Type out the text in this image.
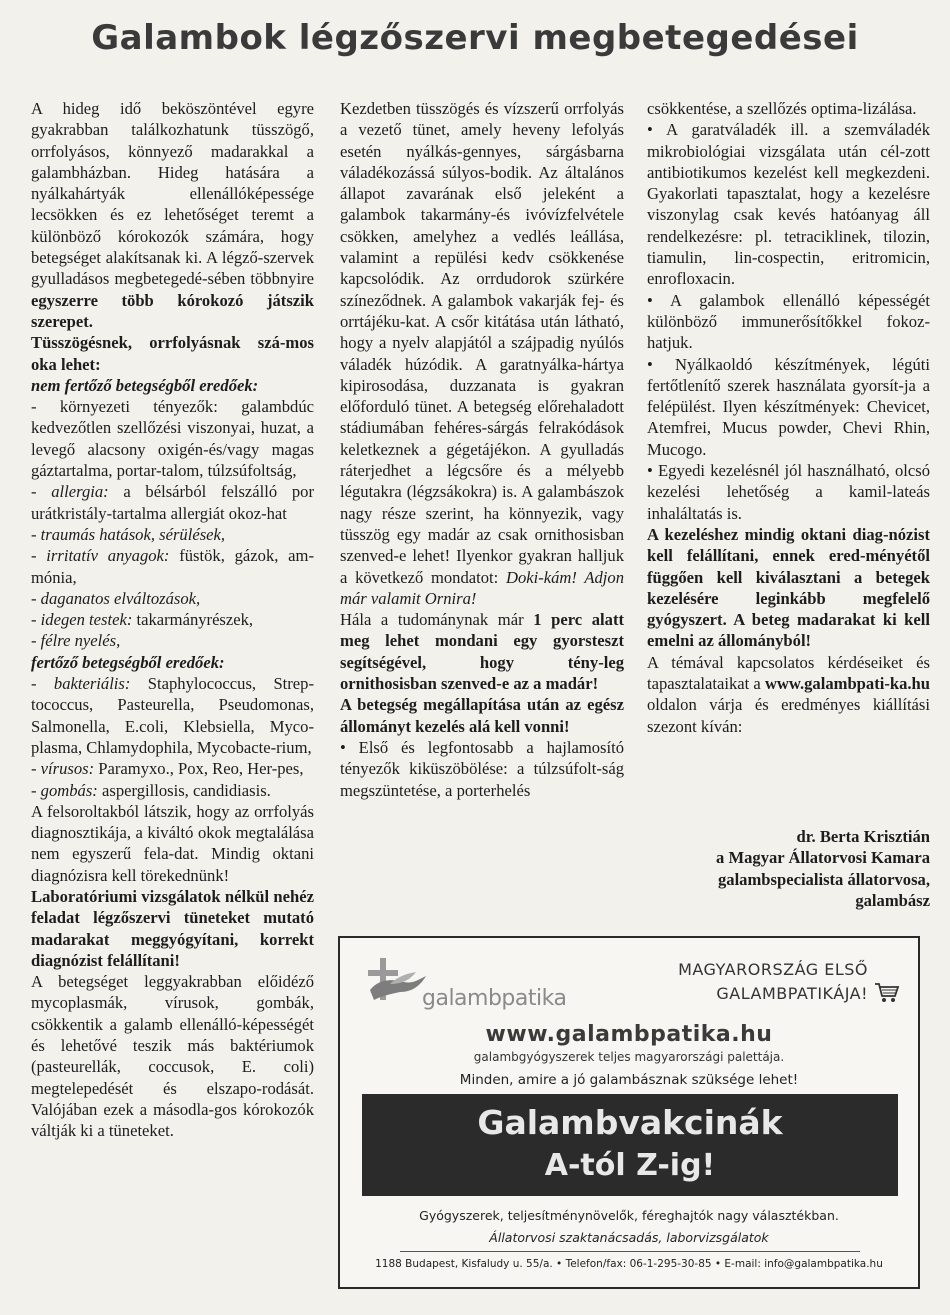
Galambok légzőszervi megbetegedései

A hideg idő beköszöntével egyre gyakrabban találkozhatunk tüsszögő, orrfolyásos, könnyező madarakkal a galambházban. Hideg hatására a nyálkahártyák ellenállóképessége lecsökken és ez lehetőséget teremt a különböző kórokozók számára, hogy betegséget alakítsanak ki. A légző-szervek gyulladásos megbetegedé-sében többnyire egyszerre több kórokozó játszik szerepet.

Tüsszögésnek, orrfolyásnak szá-mos oka lehet:

nem fertőző betegségből eredőek:

- környezeti tényezők: galambdúc kedvezőtlen szellőzési viszonyai, huzat, a levegő alacsony oxigén-és/vagy magas gáztartalma, portar-talom, túlzsúfoltság,

- allergia: a bélsárból felszálló por urátkristály-tartalma allergiát okoz-hat

- traumás hatások, sérülések,

- irritatív anyagok: füstök, gázok, am-mónia,

- daganatos elváltozások,

- idegen testek: takarmányrészek,

- félre nyelés,

fertőző betegségből eredőek:

- bakteriális: Staphylococcus, Strep-tococcus, Pasteurella, Pseudomonas, Salmonella, E.coli, Klebsiella, Myco-plasma, Chlamydophila, Mycobacte-rium,

- vírusos: Paramyxo., Pox, Reo, Her-pes,

- gombás: aspergillosis, candidiasis.

A felsoroltakból látszik, hogy az orrfolyás diagnosztikája, a kiváltó okok megtalálása nem egyszerű fela-dat. Mindig oktani diagnózisra kell törekednünk!

Laboratóriumi vizsgálatok nélkül nehéz feladat légzőszervi tüneteket mutató madarakat meggyógyítani, korrekt diagnózist felállítani!

A betegséget leggyakrabban előidéző mycoplasmák, vírusok, gombák, csökkentik a galamb ellenálló-képességét és lehetővé teszik más baktériumok (pasteurellák, coccusok, E. coli) megtelepedését és elszapo-rodását. Valójában ezek a másodla-gos kórokozók váltják ki a tüneteket.

Kezdetben tüsszögés és vízszerű orrfolyás a vezető tünet, amely heveny lefolyás esetén nyálkás-gennyes, sárgásbarna váladékozássá súlyos-bodik. Az általános állapot zavarának első jeleként a galambok takarmány-és ivóvízfelvétele csökken, amelyhez a vedlés leállása, valamint a repülési kedv csökkenése kapcsolódik. Az orrdudorok szürkére színeződnek. A galambok vakarják fej- és orrtájéku-kat. A csőr kitátása után látható, hogy a nyelv alapjától a szájpadig nyúlós váladék húzódik. A garatnyálka-hártya kipirosodása, duzzanata is gyakran előforduló tünet. A betegség előrehaladott stádiumában fehéres-sárgás felrakódások keletkeznek a gégetájékon. A gyulladás ráterjedhet a légcsőre és a mélyebb légutakra (légzsákokra) is. A galambászok nagy része szerint, ha könnyezik, vagy tüsszög egy madár az csak ornithosisban szenved-e lehet! Ilyenkor gyakran halljuk a következő mondatot: Doki-kám! Adjon már valamit Ornira!

Hála a tudománynak már 1 perc alatt meg lehet mondani egy gyorsteszt segítségével, hogy tény-leg ornithosisban szenved-e az a madár!

A betegség megállapítása után az egész állományt kezelés alá kell vonni!

• Első és legfontosabb a hajlamosító tényezők kiküszöbölése: a túlzsúfolt-ság megszüntetése, a porterhelés

csökkentése, a szellőzés optima-lizálása.

• A garatváladék ill. a szemváladék mikrobiológiai vizsgálata után cél-zott antibiotikumos kezelést kell megkezdeni. Gyakorlati tapasztalat, hogy a kezelésre viszonylag csak kevés hatóanyag áll rendelkezésre: pl. tetraciklinek, tilozin, tiamulin, lin-cospectin, eritromicin, enrofloxacin.

• A galambok ellenálló képességét különböző immunerősítőkkel fokoz-hatjuk.

• Nyálkaoldó készítmények, légúti fertőtlenítő szerek használata gyorsít-ja a felépülést. Ilyen készítmények: Chevicet, Atemfrei, Mucus powder, Chevi Rhin, Mucogo.

• Egyedi kezelésnél jól használható, olcsó kezelési lehetőség a kamil-lateás inhaláltatás is.

A kezeléshez mindig oktani diag-nózist kell felállítani, ennek ered-ményétől függően kell kiválasztani a betegek kezelésére leginkább megfelelő gyógyszert. A beteg madarakat ki kell emelni az állományból!

A témával kapcsolatos kérdéseiket és tapasztalataikat a www.galambpati-ka.hu oldalon várja és eredményes kiállítási szezont kíván:

dr. Berta Krisztián
a Magyar Állatorvosi Kamara
galambspecialista állatorvosa,
galambász
galambpatika
MAGYARORSZÁG ELSŐ
GALAMBPATIKÁJA!
www.galambpatika.hu
galambgyógyszerek teljes magyarországi palettája.
Minden, amire a jó galambásznak szüksége lehet!
Galambvakcinák
A-tól Z-ig!
Gyógyszerek, teljesítménynövelők, féreghajtók nagy választékban.
Állatorvosi szaktanácsadás, laborvizsgálatok
1188 Budapest, Kisfaludy u. 55/a. • Telefon/fax: 06-1-295-30-85 • E-mail: info@galambpatika.hu
